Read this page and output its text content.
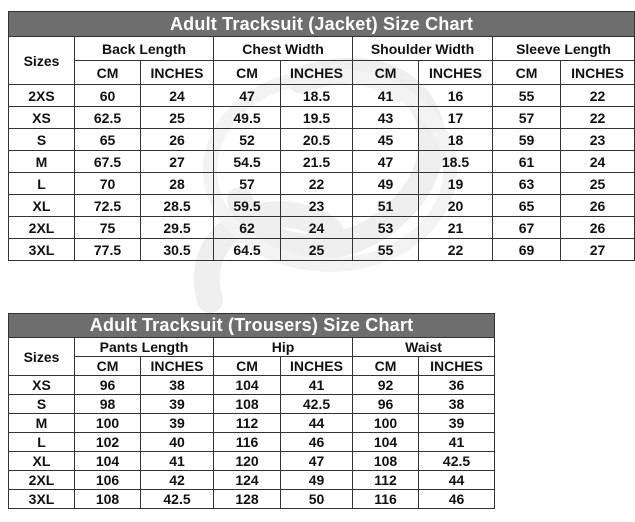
Adult Tracksuit (Jacket) Size Chart								
Sizes	Back Length		Chest Width		Shoulder Width		Sleeve Length	
	CM	INCHES	CM	INCHES	CM	INCHES	CM	INCHES
2XS	60	24	47	18.5	41	16	55	22
XS	62.5	25	49.5	19.5	43	17	57	22
S	65	26	52	20.5	45	18	59	23
M	67.5	27	54.5	21.5	47	18.5	61	24
L	70	28	57	22	49	19	63	25
XL	72.5	28.5	59.5	23	51	20	65	26
2XL	75	29.5	62	24	53	21	67	26
3XL	77.5	30.5	64.5	25	55	22	69	27
Adult Tracksuit (Trousers) Size Chart						
Sizes	Pants Length		Hip		Waist	
	CM	INCHES	CM	INCHES	CM	INCHES
XS	96	38	104	41	92	36
S	98	39	108	42.5	96	38
M	100	39	112	44	100	39
L	102	40	116	46	104	41
XL	104	41	120	47	108	42.5
2XL	106	42	124	49	112	44
3XL	108	42.5	128	50	116	46
